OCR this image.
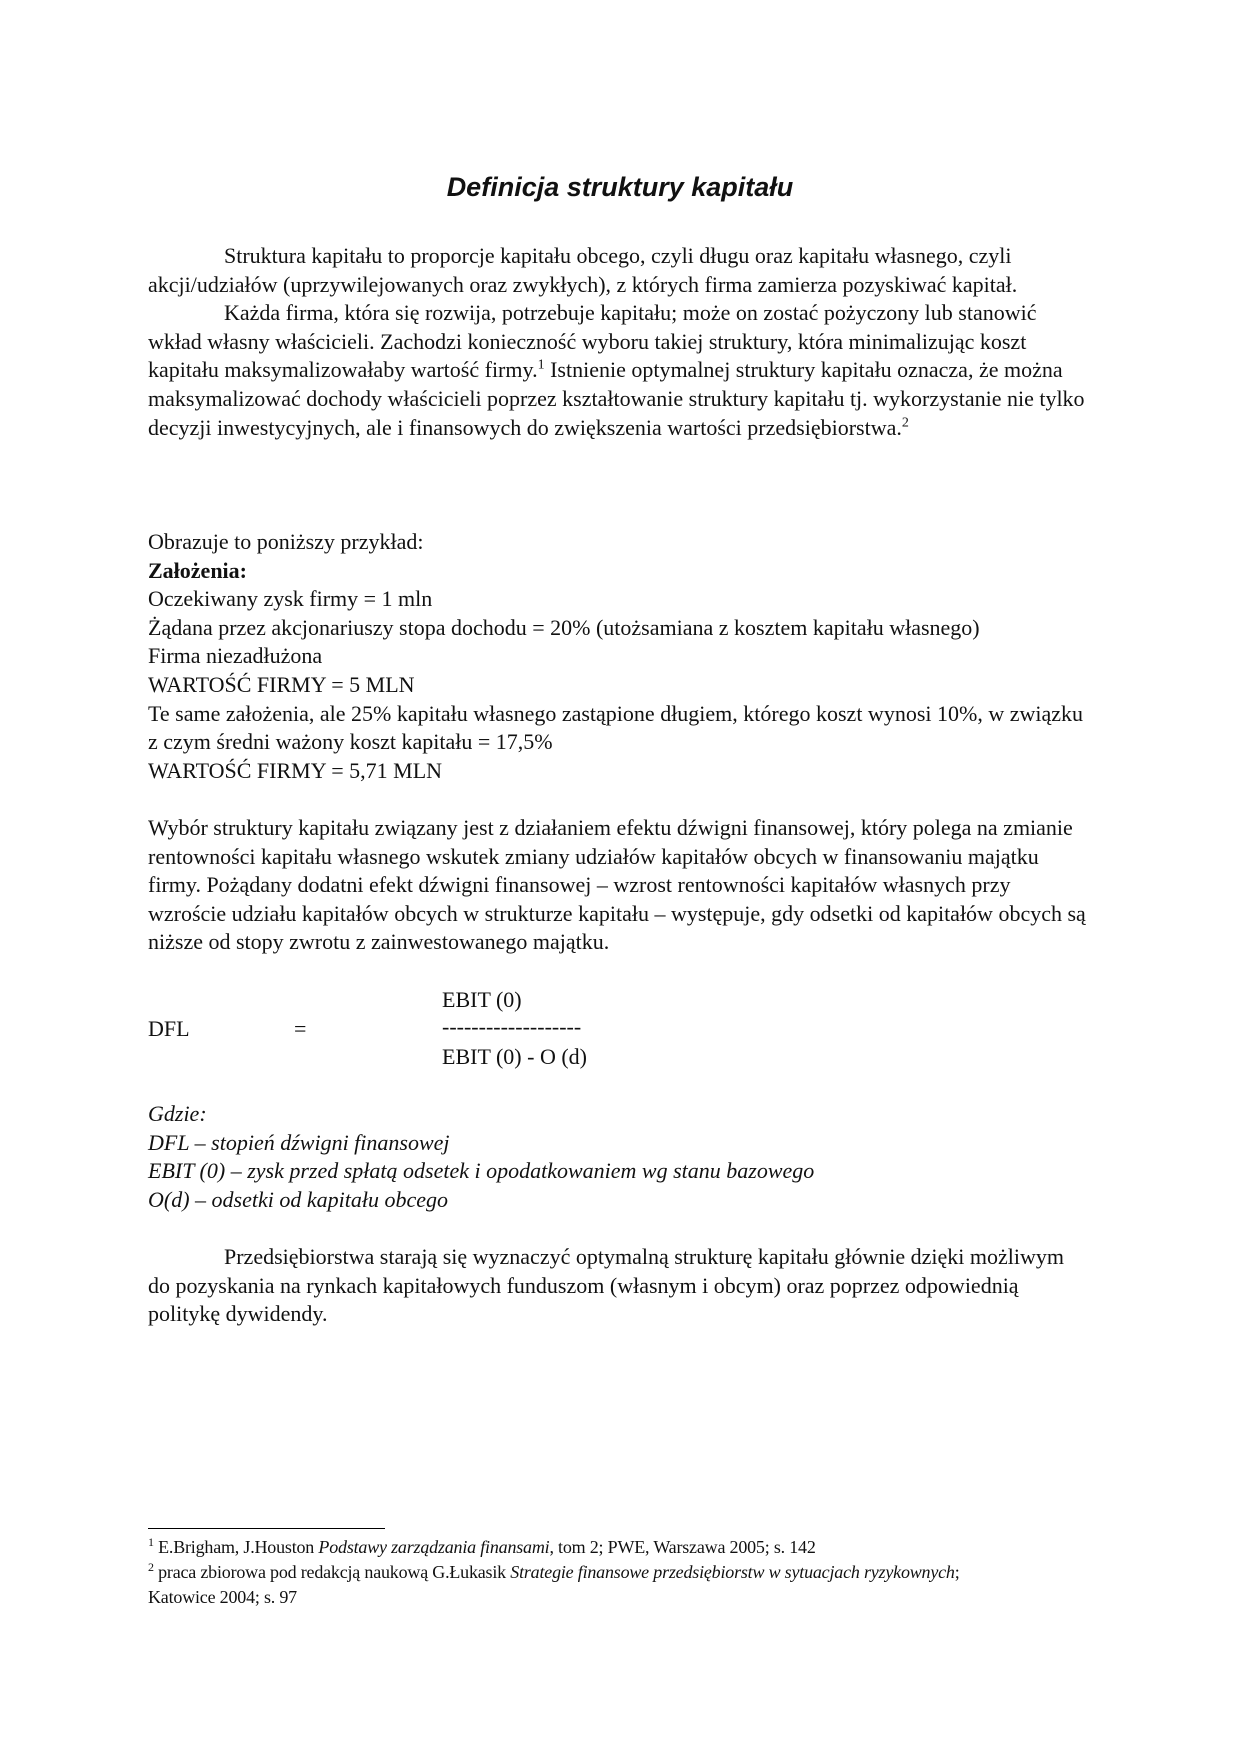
Definicja struktury kapitału

Struktura kapitału to proporcje kapitału obcego, czyli długu oraz kapitału własnego, czyli akcji/udziałów (uprzywilejowanych oraz zwykłych), z których firma zamierza pozyskiwać kapitał.

Każda firma, która się rozwija, potrzebuje kapitału; może on zostać pożyczony lub stanowić wkład własny właścicieli. Zachodzi konieczność wyboru takiej struktury, która minimalizując koszt kapitału maksymalizowałaby wartość firmy.$^1$ Istnienie optymalnej struktury kapitału oznacza, że można maksymalizować dochody właścicieli poprzez kształtowanie struktury kapitału tj. wykorzystanie nie tylko decyzji inwestycyjnych, ale i finansowych do zwiększenia wartości przedsiębiorstwa.$^2$

Obrazuje to poniższy przykład:

Założenia:

Oczekiwany zysk firmy = 1 mln

Żądana przez akcjonariuszy stopa dochodu = 20% (utożsamiana z kosztem kapitału własnego)

Firma niezadłużona

WARTOŚĆ FIRMY = 5 MLN

Te same założenia, ale 25% kapitału własnego zastąpione długiem, którego koszt wynosi 10%, w związku z czym średni ważony koszt kapitału = 17,5%

WARTOŚĆ FIRMY = 5,71 MLN

Wybór struktury kapitału związany jest z działaniem efektu dźwigni finansowej, który polega na zmianie rentowności kapitału własnego wskutek zmiany udziałów kapitałów obcych w finansowaniu majątku firmy. Pożądany dodatni efekt dźwigni finansowej – wzrost rentowności kapitałów własnych przy wzroście udziału kapitałów obcych w strukturze kapitału – występuje, gdy odsetki od kapitałów obcych są niższe od stopy zwrotu z zainwestowanego majątku.
EBIT (0)
DFL	=	-------------------
EBIT (0) - O (d)

Gdzie:

DFL – stopień dźwigni finansowej

EBIT (0) – zysk przed spłatą odsetek i opodatkowaniem wg stanu bazowego

O(d) – odsetki od kapitału obcego

Przedsiębiorstwa starają się wyznaczyć optymalną strukturę kapitału głównie dzięki możliwym do pozyskania na rynkach kapitałowych funduszom (własnym i obcym) oraz poprzez odpowiednią politykę dywidendy.

$^1$ E.Brigham, J.Houston Podstawy zarządzania finansami, tom 2; PWE, Warszawa 2005; s. 142

$^2$ praca zbiorowa pod redakcją naukową G.Łukasik Strategie finansowe przedsiębiorstw w sytuacjach ryzykownych; Katowice 2004; s. 97
